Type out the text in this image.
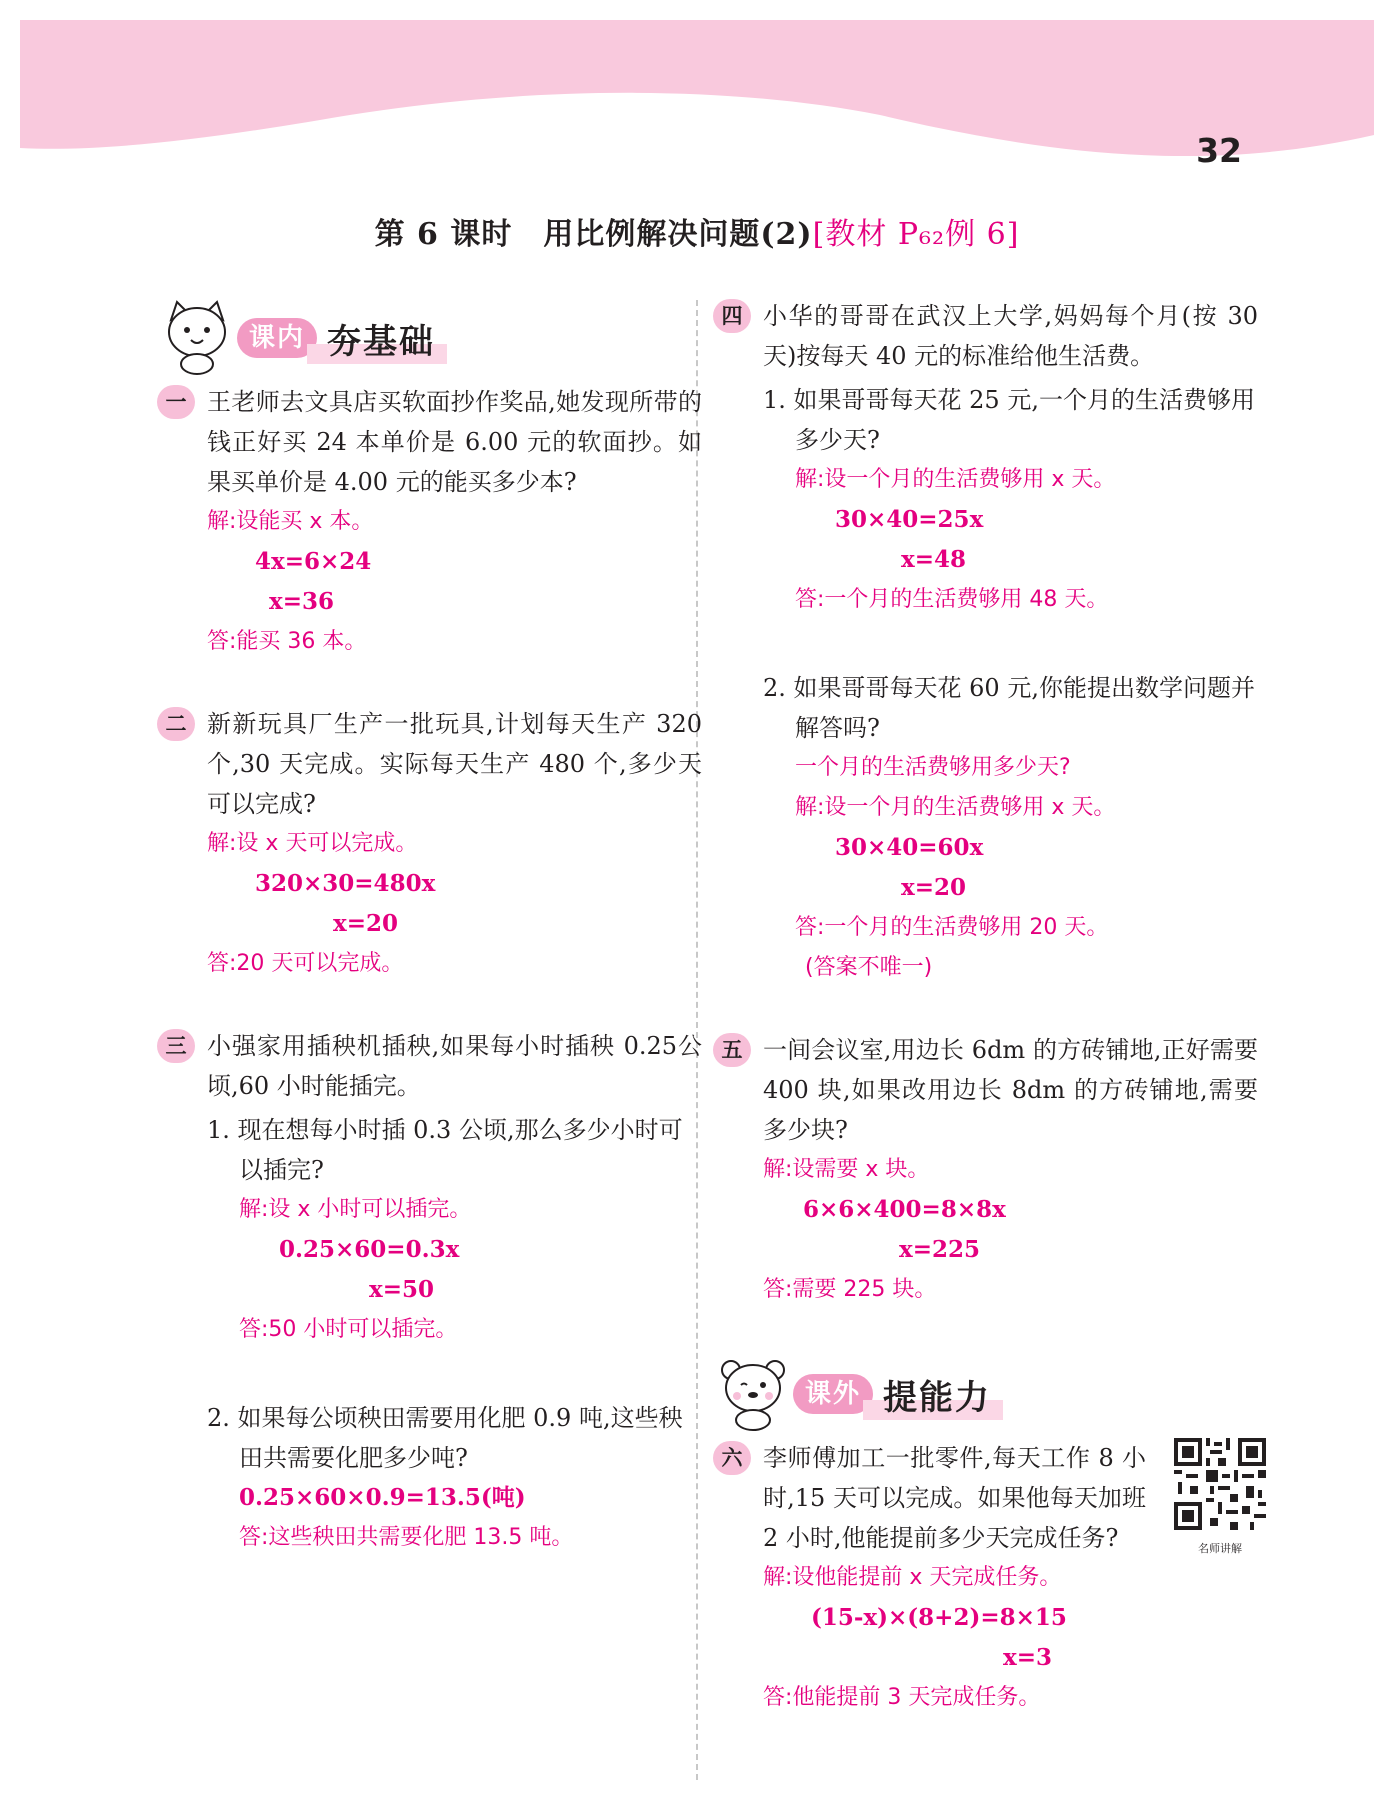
32
第 6 课时　用比例解决问题(2)[教材 P₆₂例 6]
课内 夯基础
一 王老师去文具店买软面抄作奖品,她发现所带的钱正好买 24 本单价是 6.00 元的软面抄。如果买单价是 4.00 元的能买多少本?
解:设能买 x 本。
4x=6×24
x=36
答:能买 36 本。
二 新新玩具厂生产一批玩具,计划每天生产 320 个,30 天完成。实际每天生产 480 个,多少天可以完成?
解:设 x 天可以完成。
320×30=480x
x=20
答:20 天可以完成。
三 小强家用插秧机插秧,如果每小时插秧 0.25公顷,60 小时能插完。
1. 现在想每小时插 0.3 公顷,那么多少小时可以插完?
解:设 x 小时可以插完。
0.25×60=0.3x
x=50
答:50 小时可以插完。
2. 如果每公顷秧田需要用化肥 0.9 吨,这些秧田共需要化肥多少吨?
0.25×60×0.9=13.5(吨)
答:这些秧田共需要化肥 13.5 吨。
四 小华的哥哥在武汉上大学,妈妈每个月(按 30 天)按每天 40 元的标准给他生活费。
1. 如果哥哥每天花 25 元,一个月的生活费够用多少天?
解:设一个月的生活费够用 x 天。
30×40=25x
x=48
答:一个月的生活费够用 48 天。
2. 如果哥哥每天花 60 元,你能提出数学问题并解答吗?
一个月的生活费够用多少天?
解:设一个月的生活费够用 x 天。
30×40=60x
x=20
答:一个月的生活费够用 20 天。
(答案不唯一)
五 一间会议室,用边长 6dm 的方砖铺地,正好需要 400 块,如果改用边长 8dm 的方砖铺地,需要多少块?
解:设需要 x 块。
6×6×400=8×8x
x=225
答:需要 225 块。
课外 提能力
六
名师讲解
李师傅加工一批零件,每天工作 8 小时,15 天可以完成。如果他每天加班 2 小时,他能提前多少天完成任务?
解:设他能提前 x 天完成任务。
(15-x)×(8+2)=8×15
x=3
答:他能提前 3 天完成任务。
